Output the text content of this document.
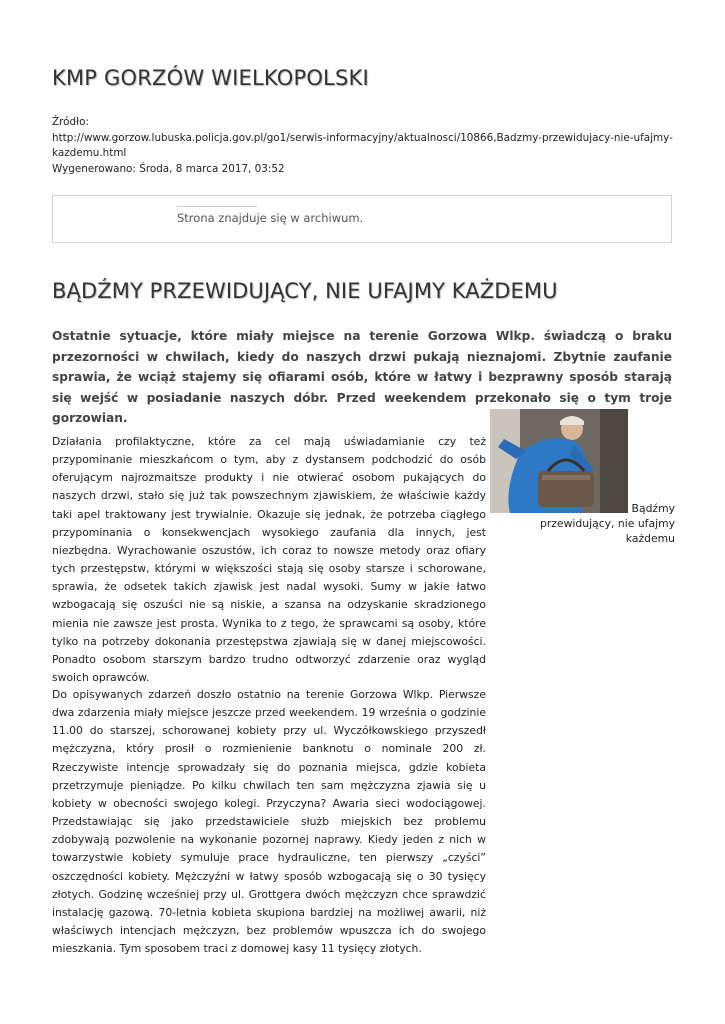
KMP GORZÓW WIELKOPOLSKI
Źródło:
http://www.gorzow.lubuska.policja.gov.pl/go1/serwis-informacyjny/aktualnosci/10866,Badzmy-przewidujacy-nie-ufajmy-kazdemu.html
Wygenerowano: Środa, 8 marca 2017, 03:52
Strona znajduje się w archiwum.
BĄDŹMY PRZEWIDUJĄCY, NIE UFAJMY KAŻDEMU

Ostatnie sytuacje, które miały miejsce na terenie Gorzowa Wlkp. świadczą o braku przezorności w chwilach, kiedy do naszych drzwi pukają nieznajomi. Zbytnie zaufanie sprawia, że wciąż stajemy się ofiarami osób, które w łatwy i bezprawny sposób starają się wejść w posiadanie naszych dóbr. Przed weekendem przekonało się o tym troje gorzowian.

Bądźmy
przewidujący, nie ufajmy każdemu

Działania profilaktyczne, które za cel mają uświadamianie czy też przypominanie mieszkańcom o tym, aby z dystansem podchodzić do osób oferującym najrozmaitsze produkty i nie otwierać osobom pukających do naszych drzwi, stało się już tak powszechnym zjawiskiem, że właściwie każdy taki apel traktowany jest trywialnie. Okazuje się jednak, że potrzeba ciągłego przypominania o konsekwencjach wysokiego zaufania dla innych, jest niezbędna. Wyrachowanie oszustów, ich coraz to nowsze metody oraz ofiary tych przestępstw, którymi w większości stają się osoby starsze i schorowane, sprawia, że odsetek takich zjawisk jest nadal wysoki. Sumy w jakie łatwo wzbogacają się oszuści nie są niskie, a szansa na odzyskanie skradzionego mienia nie zawsze jest prosta. Wynika to z tego, że sprawcami są osoby, które tylko na potrzeby dokonania przestępstwa zjawiają się w danej miejscowości. Ponadto osobom starszym bardzo trudno odtworzyć zdarzenie oraz wygląd swoich oprawców.

Do opisywanych zdarzeń doszło ostatnio na terenie Gorzowa Wlkp. Pierwsze dwa zdarzenia miały miejsce jeszcze przed weekendem. 19 września o godzinie 11.00 do starszej, schorowanej kobiety przy ul. Wyczółkowskiego przyszedł mężczyzna, który prosił o rozmienienie banknotu o nominale 200 zł. Rzeczywiste intencje sprowadzały się do poznania miejsca, gdzie kobieta przetrzymuje pieniądze. Po kilku chwilach ten sam mężczyzna zjawia się u kobiety w obecności swojego kolegi. Przyczyna? Awaria sieci wodociągowej. Przedstawiając się jako przedstawiciele służb miejskich bez problemu zdobywają pozwolenie na wykonanie pozornej naprawy. Kiedy jeden z nich w towarzystwie kobiety symuluje prace hydrauliczne, ten pierwszy „czyści” oszczędności kobiety. Mężczyźni w łatwy sposób wzbogacają się o 30 tysięcy złotych. Godzinę wcześniej przy ul. Grottgera dwóch mężczyzn chce sprawdzić instalację gazową. 70-letnia kobieta skupiona bardziej na możliwej awarii, niż właściwych intencjach mężczyzn, bez problemów wpuszcza ich do swojego mieszkania. Tym sposobem traci z domowej kasy 11 tysięcy złotych.
